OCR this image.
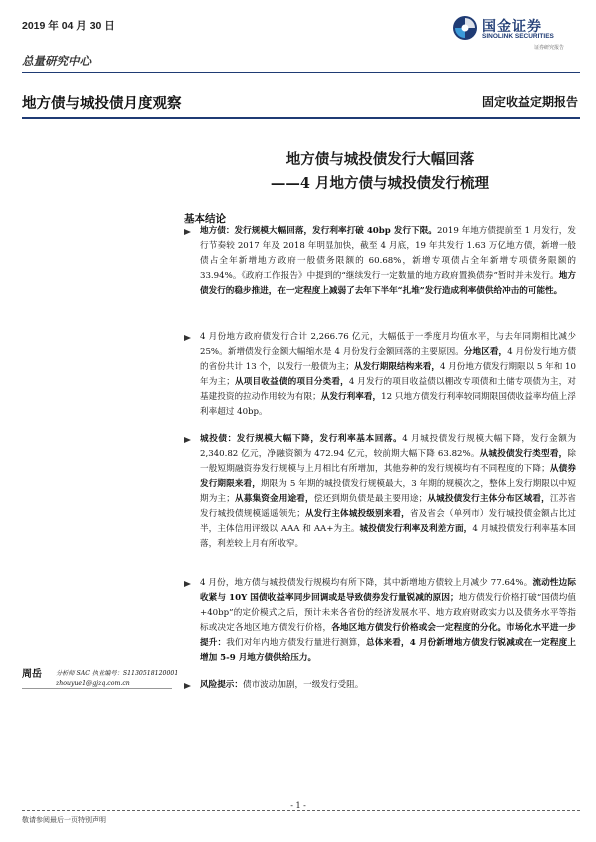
2019 年 04 月 30 日	国金证券
SINOLINK SECURITIES
证券研究报告
总量研究中心
地方债与城投债月度观察	固定收益定期报告
地方债与城投债发行大幅回落
——4 月地方债与城投债发行梳理
基本结论
地方债：发行规模大幅回落，发行利率打破 40bp 发行下限。2019 年地方债提前至 1 月发行，发行节奏较 2017 年及 2018 年明显加快，截至 4 月底，19 年共发行 1.63 万亿地方债，新增一般债占全年新增地方政府一般债务限额的 60.68%，新增专项债占全年新增专项债务限额的 33.94%。《政府工作报告》中提到的“继续发行一定数量的地方政府置换债券”暂时并未发行。地方债发行的稳步推进，在一定程度上减弱了去年下半年“扎堆”发行造成利率债供给冲击的可能性。
4 月份地方政府债发行合计 2,266.76 亿元，大幅低于一季度月均值水平，与去年同期相比减少 25%。新增债发行金额大幅缩水是 4 月份发行金额回落的主要原因。分地区看，4 月份发行地方债的省份共计 13 个，以发行一般债为主；从发行期限结构来看，4 月份地方债发行期限以 5 年和 10 年为主；从项目收益债的项目分类看，4 月发行的项目收益债以棚改专项债和土储专项债为主，对基建投资的拉动作用较为有限；从发行利率看，12 只地方债发行利率较同期限国债收益率均值上浮利率超过 40bp。
城投债：发行规模大幅下降，发行利率基本回落。4 月城投债发行规模大幅下降，发行金额为 2,340.82 亿元，净融资额为 472.94 亿元，较前期大幅下降 63.82%。从城投债发行类型看，除一般短期融资券发行规模与上月相比有所增加，其他券种的发行规模均有不同程度的下降；从债券发行期限来看，期限为 5 年期的城投债发行规模最大，3 年期的规模次之，整体上发行期限以中短期为主；从募集资金用途看，偿还到期负债是最主要用途；从城投债发行主体分布区域看，江苏省发行城投债规模遥遥领先；从发行主体城投级别来看，省及省会（单列市）发行城投债金额占比过半，主体信用评级以 AAA 和 AA+为主。城投债发行利率及利差方面，4 月城投债发行利率基本回落，利差较上月有所收窄。
4 月份，地方债与城投债发行规模均有所下降，其中新增地方债较上月减少 77.64%。流动性边际收紧与 10Y 国债收益率同步回调或是导致债券发行量锐减的原因；地方债发行价格打破“国债均值+40bp”的定价模式之后，预计未来各省份的经济发展水平、地方政府财政实力以及债务水平等指标或决定各地区地方债发行价格，各地区地方债发行价格或会一定程度的分化。市场化水平进一步提升：我们对年内地方债发行量进行测算，总体来看，4 月份新增地方债发行锐减或在一定程度上增加 5-9 月地方债供给压力。
风险提示：债市波动加剧，一级发行受阻。
周岳 分析师 SAC 执业编号：S1130518120001
zhouyue1@gjzq.com.cn
- 1 -
敬请参阅最后一页特别声明
